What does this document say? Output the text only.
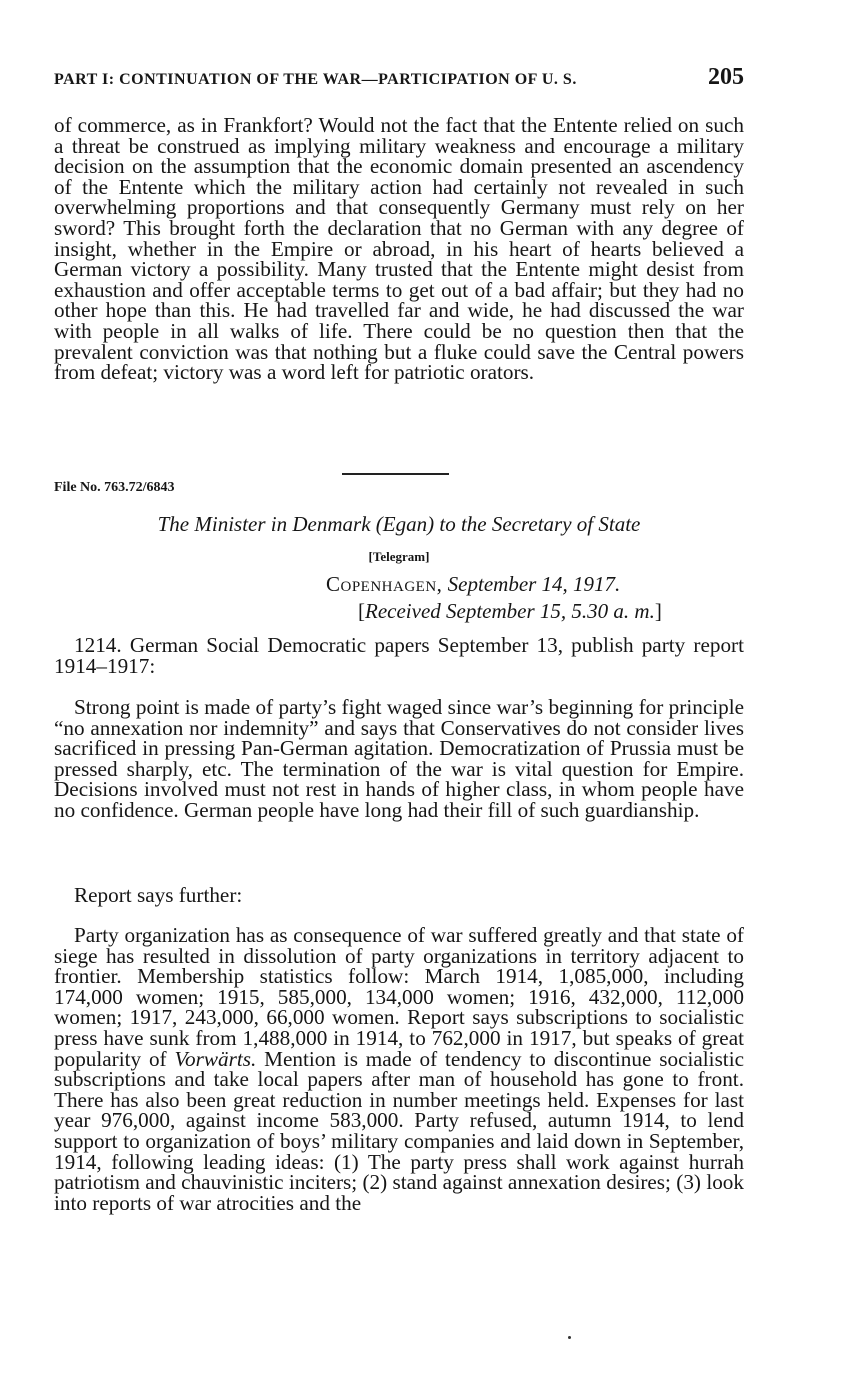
PART I: CONTINUATION OF THE WAR—PARTICIPATION OF U. S.	205

of commerce, as in Frankfort? Would not the fact that the Entente relied on such a threat be construed as implying military weakness and encourage a military decision on the assumption that the economic domain presented an ascendency of the Entente which the military action had certainly not revealed in such overwhelming proportions and that consequently Germany must rely on her sword? This brought forth the declaration that no German with any degree of insight, whether in the Empire or abroad, in his heart of hearts believed a German victory a possibility. Many trusted that the Entente might desist from exhaustion and offer acceptable terms to get out of a bad affair; but they had no other hope than this. He had travelled far and wide, he had discussed the war with people in all walks of life. There could be no question then that the prevalent conviction was that nothing but a fluke could save the Central powers from defeat; victory was a word left for patriotic orators.

File No. 763.72/6843
The Minister in Denmark (Egan) to the Secretary of State
[Telegram]
Copenhagen, September 14, 1917.
[Received September 15, 5.30 a. m.]

1214. German Social Democratic papers September 13, publish party report 1914–1917:

Strong point is made of party’s fight waged since war’s beginning for principle “no annexation nor indemnity” and says that Conservatives do not consider lives sacrificed in pressing Pan-German agitation. Democratization of Prussia must be pressed sharply, etc. The termination of the war is vital question for Empire. Decisions involved must not rest in hands of higher class, in whom people have no confidence. German people have long had their fill of such guardianship.

Report says further:

Party organization has as consequence of war suffered greatly and that state of siege has resulted in dissolution of party organizations in territory adjacent to frontier. Membership statistics follow: March 1914, 1,085,000, including 174,000 women; 1915, 585,000, 134,000 women; 1916, 432,000, 112,000 women; 1917, 243,000, 66,000 women. Report says subscriptions to socialistic press have sunk from 1,488,000 in 1914, to 762,000 in 1917, but speaks of great popularity of Vorwärts. Mention is made of tendency to discontinue socialistic subscriptions and take local papers after man of household has gone to front. There has also been great reduction in number meetings held. Expenses for last year 976,000, against income 583,000. Party refused, autumn 1914, to lend support to organization of boys’ military companies and laid down in September, 1914, following leading ideas: (1) The party press shall work against hurrah patriotism and chauvinistic inciters; (2) stand against annexation desires; (3) look into reports of war atrocities and the
